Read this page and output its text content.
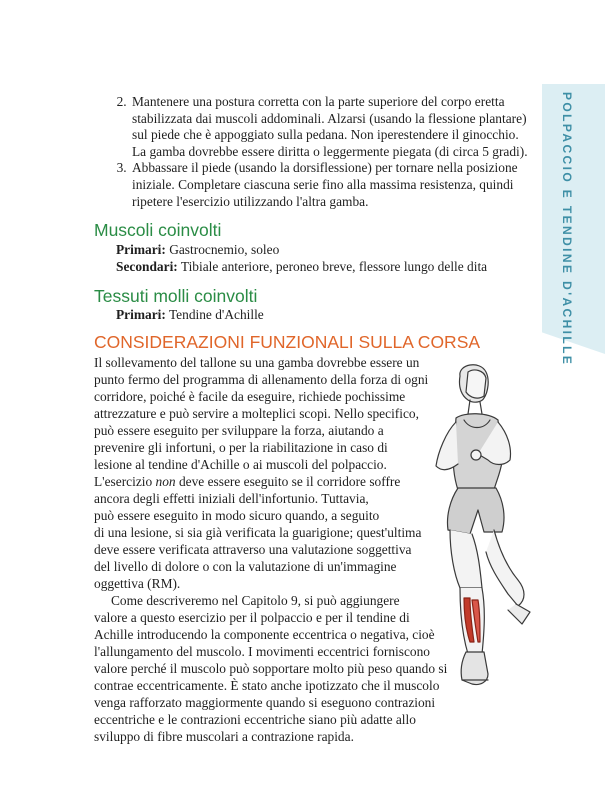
POLPACCIO E TENDINE D'ACHILLE
2. Mantenere una postura corretta con la parte superiore del corpo eretta
stabilizzata dai muscoli addominali. Alzarsi (usando la flessione plantare)
sul piede che è appoggiato sulla pedana. Non iperestendere il ginocchio.
La gamba dovrebbe essere diritta o leggermente piegata (di circa 5 gradi).
3. Abbassare il piede (usando la dorsiflessione) per tornare nella posizione
iniziale. Completare ciascuna serie fino alla massima resistenza, quindi
ripetere l'esercizio utilizzando l'altra gamba.
Muscoli coinvolti
Primari: Gastrocnemio, soleo
Secondari: Tibiale anteriore, peroneo breve, flessore lungo delle dita
Tessuti molli coinvolti
Primari: Tendine d'Achille
CONSIDERAZIONI FUNZIONALI SULLA CORSA
Il sollevamento del tallone su una gamba dovrebbe essere un
punto fermo del programma di allenamento della forza di ogni
corridore, poiché è facile da eseguire, richiede pochissime
attrezzature e può servire a molteplici scopi. Nello specifico,
può essere eseguito per sviluppare la forza, aiutando a
prevenire gli infortuni, o per la riabilitazione in caso di
lesione al tendine d'Achille o ai muscoli del polpaccio.
L'esercizio non deve essere eseguito se il corridore soffre
ancora degli effetti iniziali dell'infortunio. Tuttavia,
può essere eseguito in modo sicuro quando, a seguito
di una lesione, si sia già verificata la guarigione; quest'ultima
deve essere verificata attraverso una valutazione soggettiva
del livello di dolore o con la valutazione di un'immagine
oggettiva (RM).
Come descriveremo nel Capitolo 9, si può aggiungere
valore a questo esercizio per il polpaccio e per il tendine di
Achille introducendo la componente eccentrica o negativa, cioè
l'allungamento del muscolo. I movimenti eccentrici forniscono
valore perché il muscolo può sopportare molto più peso quando si
contrae eccentricamente. È stato anche ipotizzato che il muscolo
venga rafforzato maggiormente quando si eseguono contrazioni
eccentriche e le contrazioni eccentriche siano più adatte allo
sviluppo di fibre muscolari a contrazione rapida.
